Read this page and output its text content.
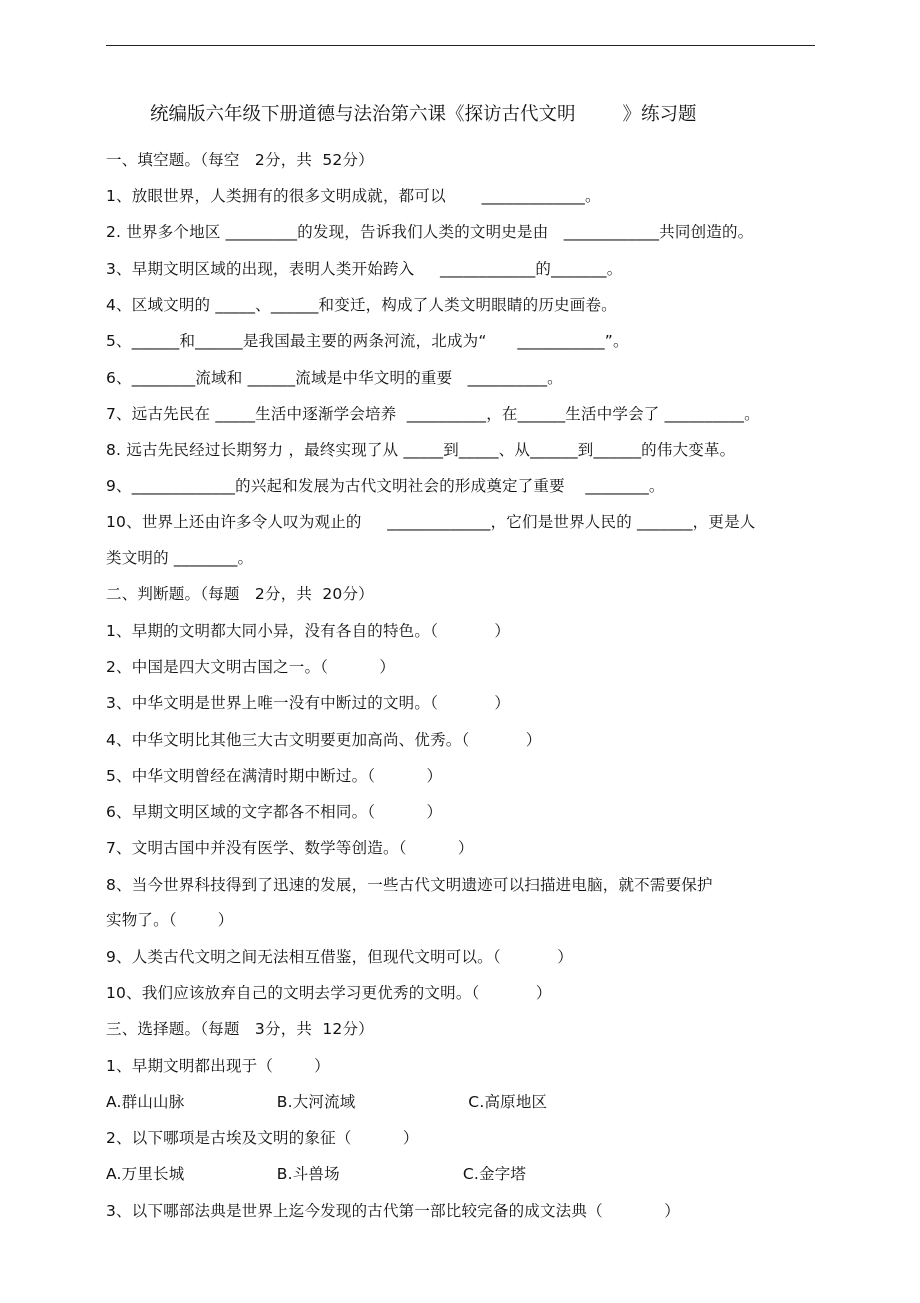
统编版六年级下册道德与法治第六课《探访古代文明        》练习题
一、填空题。（每空   2分，共  52分）
1、放眼世界，人类拥有的很多文明成就，都可以       _____________。
2. 世界多个地区 _________的发现，告诉我们人类的文明史是由   ____________共同创造的。
3、早期文明区域的出现，表明人类开始跨入     ____________的_______。
4、区域文明的 _____、______和变迁，构成了人类文明眼睛的历史画卷。
5、______和______是我国最主要的两条河流，北成为“      ___________”。
6、________流域和 ______流域是中华文明的重要   __________。
7、远古先民在 _____生活中逐渐学会培养  __________，在______生活中学会了 __________。
8. 远古先民经过长期努力 ，最终实现了从 _____到_____、从______到______的伟大变革。
9、_____________的兴起和发展为古代文明社会的形成奠定了重要    ________。
10、世界上还由许多令人叹为观止的     _____________，它们是世界人民的 _______，更是人
类文明的 ________。
二、判断题。（每题   2分，共  20分）
1、早期的文明都大同小异，没有各自的特色。（           ）
2、中国是四大文明古国之一。（          ）
3、中华文明是世界上唯一没有中断过的文明。（           ）
4、中华文明比其他三大古文明要更加高尚、优秀。（           ）
5、中华文明曾经在满清时期中断过。（          ）
6、早期文明区域的文字都各不相同。（          ）
7、文明古国中并没有医学、数学等创造。（          ）
8、当今世界科技得到了迅速的发展，一些古代文明遗迹可以扫描进电脑，就不需要保护
实物了。（        ）
9、人类古代文明之间无法相互借鉴，但现代文明可以。（           ）
10、我们应该放弃自己的文明去学习更优秀的文明。（           ）
三、选择题。（每题   3分，共  12分）
1、早期文明都出现于（        ）
A.群山山脉                  B.大河流域                      C.高原地区
2、以下哪项是古埃及文明的象征（          ）
A.万里长城                  B.斗兽场                        C.金字塔
3、以下哪部法典是世界上迄今发现的古代第一部比较完备的成文法典（            ）
